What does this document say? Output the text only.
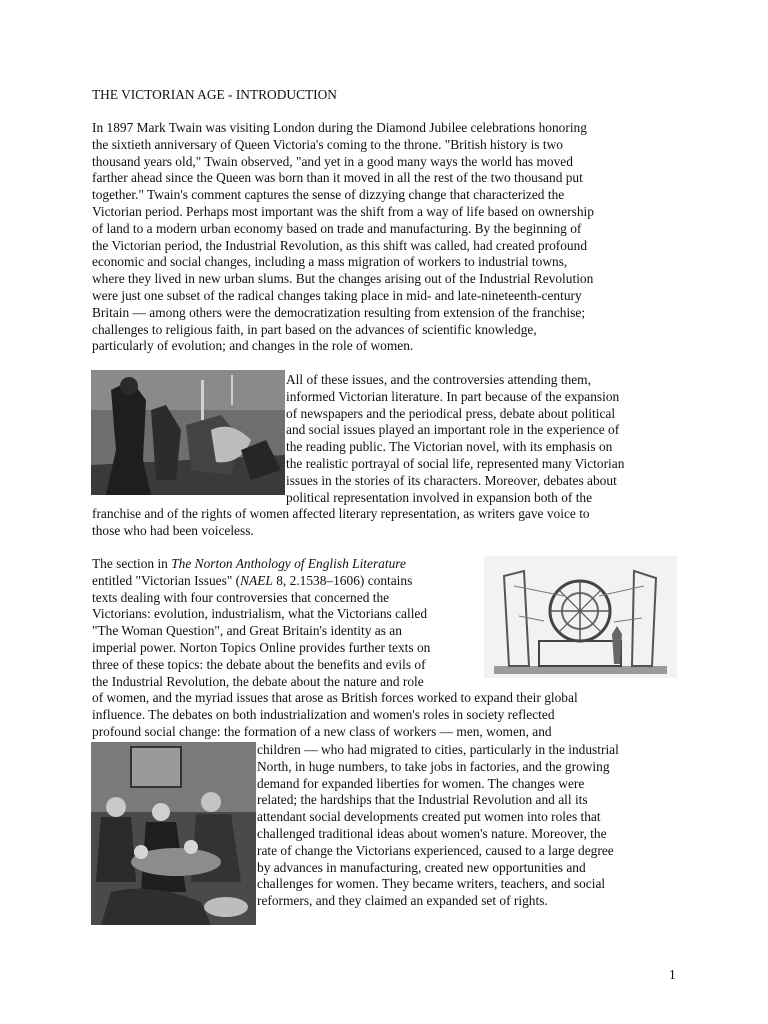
THE VICTORIAN AGE - INTRODUCTION
In 1897 Mark Twain was visiting London during the Diamond Jubilee celebrations honoring
the sixtieth anniversary of Queen Victoria's coming to the throne. "British history is two
thousand years old," Twain observed, "and yet in a good many ways the world has moved
farther ahead since the Queen was born than it moved in all the rest of the two thousand put
together." Twain's comment captures the sense of dizzying change that characterized the
Victorian period. Perhaps most important was the shift from a way of life based on ownership
of land to a modern urban economy based on trade and manufacturing. By the beginning of
the Victorian period, the Industrial Revolution, as this shift was called, had created profound
economic and social changes, including a mass migration of workers to industrial towns,
where they lived in new urban slums. But the changes arising out of the Industrial Revolution
were just one subset of the radical changes taking place in mid- and late-nineteenth-century
Britain — among others were the democratization resulting from extension of the franchise;
challenges to religious faith, in part based on the advances of scientific knowledge,
particularly of evolution; and changes in the role of women.
All of these issues, and the controversies attending them,
informed Victorian literature. In part because of the expansion
of newspapers and the periodical press, debate about political
and social issues played an important role in the experience of
the reading public. The Victorian novel, with its emphasis on
the realistic portrayal of social life, represented many Victorian
issues in the stories of its characters. Moreover, debates about
political representation involved in expansion both of the
franchise and of the rights of women affected literary representation, as writers gave voice to
those who had been voiceless.
The section in The Norton Anthology of English Literature
entitled "Victorian Issues" (NAEL 8, 2.1538–1606) contains
texts dealing with four controversies that concerned the
Victorians: evolution, industrialism, what the Victorians called
"The Woman Question", and Great Britain's identity as an
imperial power. Norton Topics Online provides further texts on
three of these topics: the debate about the benefits and evils of
the Industrial Revolution, the debate about the nature and role
of women, and the myriad issues that arose as British forces worked to expand their global
influence. The debates on both industrialization and women's roles in society reflected
profound social change: the formation of a new class of workers — men, women, and
children — who had migrated to cities, particularly in the industrial
North, in huge numbers, to take jobs in factories, and the growing
demand for expanded liberties for women. The changes were
related; the hardships that the Industrial Revolution and all its
attendant social developments created put women into roles that
challenged traditional ideas about women's nature. Moreover, the
rate of change the Victorians experienced, caused to a large degree
by advances in manufacturing, created new opportunities and
challenges for women. They became writers, teachers, and social
reformers, and they claimed an expanded set of rights.
1
